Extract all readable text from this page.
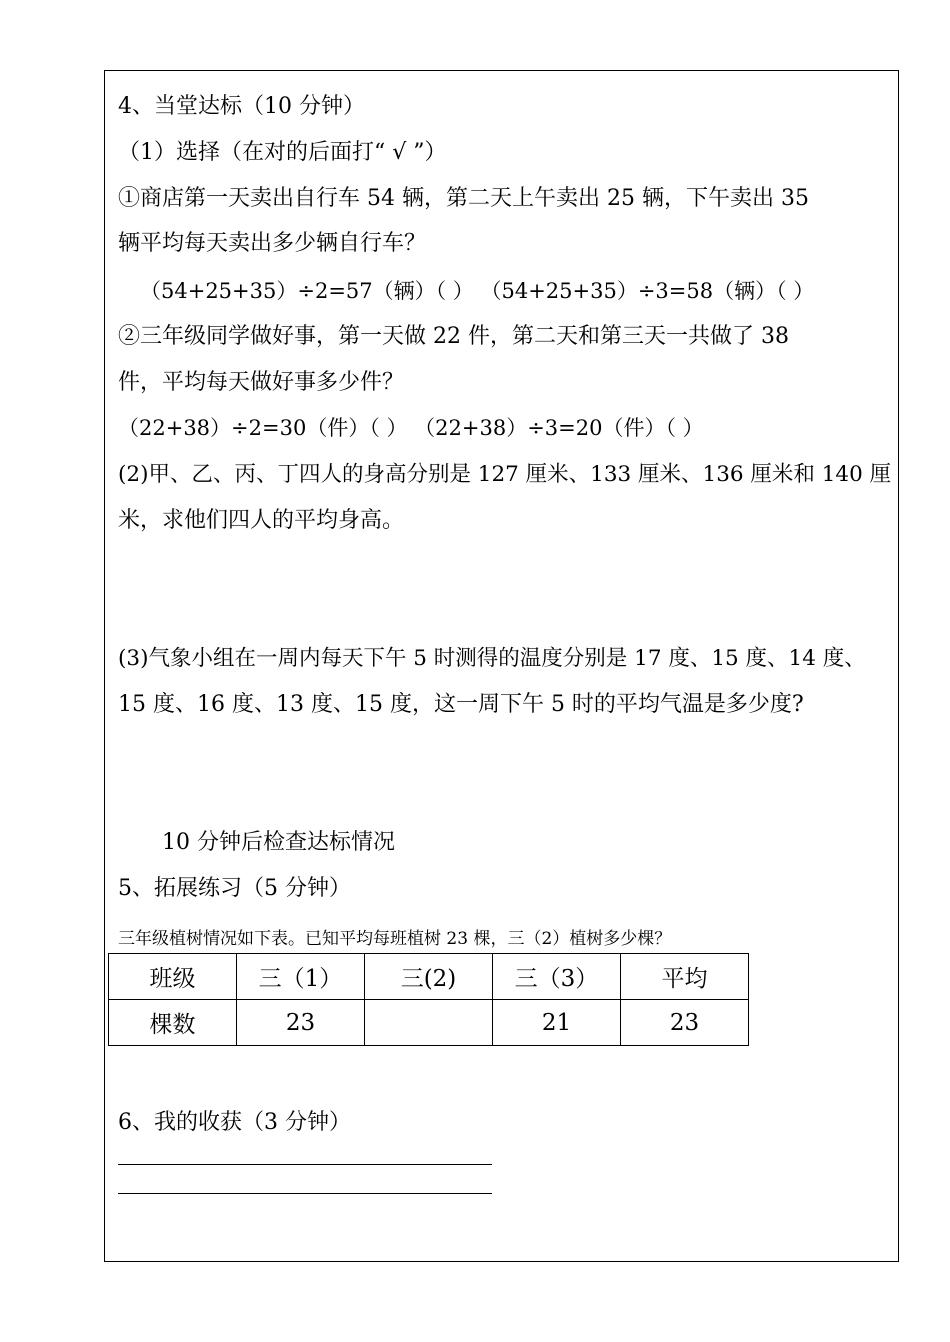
4、当堂达标（10 分钟）
（1）选择（在对的后面打“ √ ”）
①商店第一天卖出自行车 54 辆，第二天上午卖出 25 辆，下午卖出 35
辆平均每天卖出多少辆自行车？
（54+25+35）÷2=57（辆）（ ） （54+25+35）÷3=58（辆）（ ）
②三年级同学做好事，第一天做 22 件，第二天和第三天一共做了 38
件，平均每天做好事多少件？
（22+38）÷2=30（件）（ ） （22+38）÷3=20（件）（ ）
(2)甲、乙、丙、丁四人的身高分别是 127 厘米、133 厘米、136 厘米和 140 厘
米，求他们四人的平均身高。
(3)气象小组在一周内每天下午 5 时测得的温度分别是 17 度、15 度、14 度、
15 度、16 度、13 度、15 度，这一周下午 5 时的平均气温是多少度?
10 分钟后检查达标情况
5、拓展练习（5 分钟）
三年级植树情况如下表。已知平均每班植树 23 棵，三（2）植树多少棵？
班级	三（1）	三(2)	三（3）	平均
棵数	23		21	23
6、我的收获（3 分钟）
